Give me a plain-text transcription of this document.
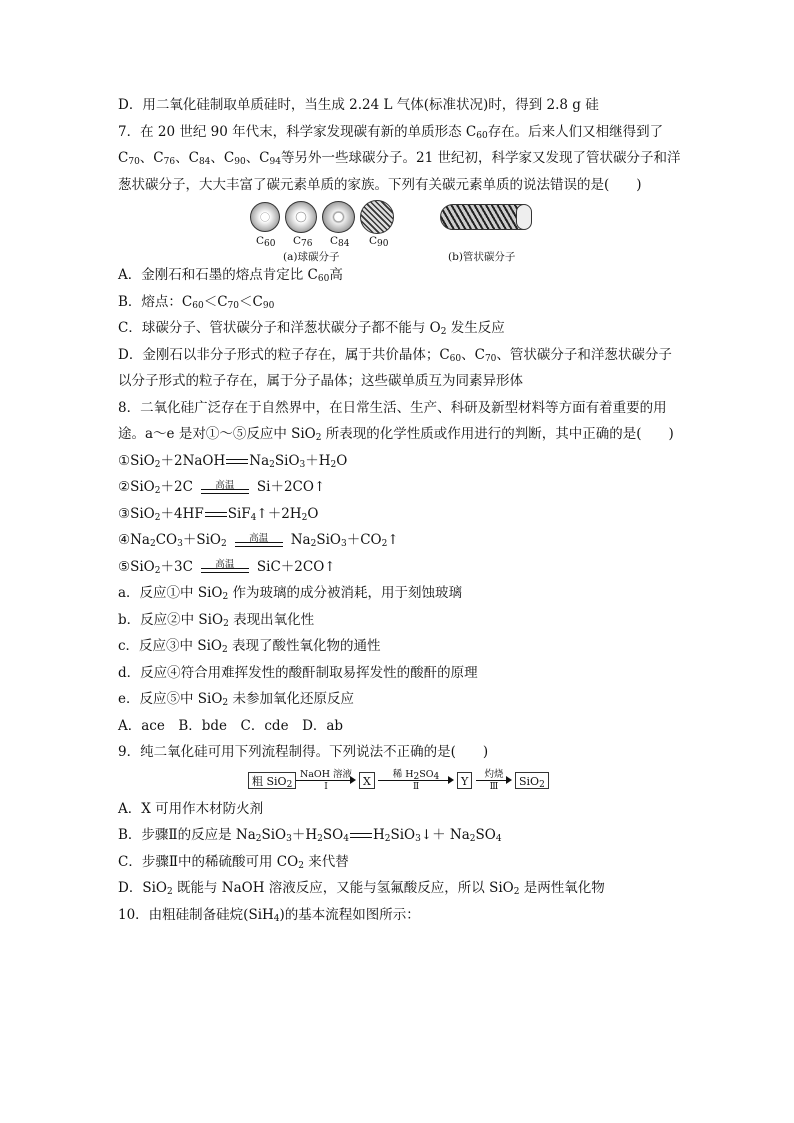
D．用二氧化硅制取单质硅时，当生成 2.24 L 气体(标准状况)时，得到 2.8 g 硅
7．在 20 世纪 90 年代末，科学家发现碳有新的单质形态 $C_{60}$存在。后来人们又相继得到了
$C_{70}$、$C_{76}$、$C_{84}$、$C_{90}$、$C_{94}$等另外一些球碳分子。21 世纪初，科学家又发现了管状碳分子和洋
葱状碳分子，大大丰富了碳元素单质的家族。下列有关碳元素单质的说法错误的是(　　)
$C_{60}$ $C_{76}$ $C_{84}$ $C_{90}$
(a)球碳分子	(b)管状碳分子
A．金刚石和石墨的熔点肯定比 $C_{60}$高
B．熔点：$C_{60}<C_{70}<C_{90}$
C．球碳分子、管状碳分子和洋葱状碳分子都不能与 $O_2$ 发生反应
D．金刚石以非分子形式的粒子存在，属于共价晶体；$C_{60}$、$C_{70}$、管状碳分子和洋葱状碳分子
以分子形式的粒子存在，属于分子晶体；这些碳单质互为同素异形体
8．二氧化硅广泛存在于自然界中，在日常生活、生产、科研及新型材料等方面有着重要的用
途。a～e 是对①～⑤反应中 SiO$_2$ 所表现的化学性质或作用进行的判断，其中正确的是(　　)
①SiO$_2$＋2NaOH $Na_2SiO_3+H_2O$
②SiO$_2$＋2C	高温	Si＋2CO↑
③SiO$_2$＋4HF $SiF_4↑+2H_2O$
$④Na_2CO_3+SiO_2$
高温	$Na_2SiO_3+CO_2↑$
⑤SiO$_2$＋3C	高温	SiC＋2CO↑
a．反应①中 SiO$_2$ 作为玻璃的成分被消耗，用于刻蚀玻璃
b．反应②中 SiO$_2$ 表现出氧化性
c．反应③中 SiO$_2$ 表现了酸性氧化物的通性
d．反应④符合用难挥发性的酸酐制取易挥发性的酸酐的原理
e．反应⑤中 SiO$_2$ 未参加氧化还原反应
A．ace　B．bde　C．cde　D．ab
9．纯二氧化硅可用下列流程制得。下列说法不正确的是(　　)
粗 SiO$_2$
NaOH 溶液
Ⅰ	X
稀 $H_2SO_4$
Ⅱ	Y
灼烧
Ⅲ	SiO$_2$
A．X 可用作木材防火剂
B．步骤Ⅱ的反应是 $Na_2SiO_3+H_2SO_4$ $H_2SiO_3↓+ Na_2SO_4$
C．步骤Ⅱ中的稀硫酸可用 $CO_2$ 来代替
D．SiO$_2$ 既能与 NaOH 溶液反应，又能与氢氟酸反应，所以 SiO$_2$ 是两性氧化物
10．由粗硅制备硅烷(SiH$_4$)的基本流程如图所示：
